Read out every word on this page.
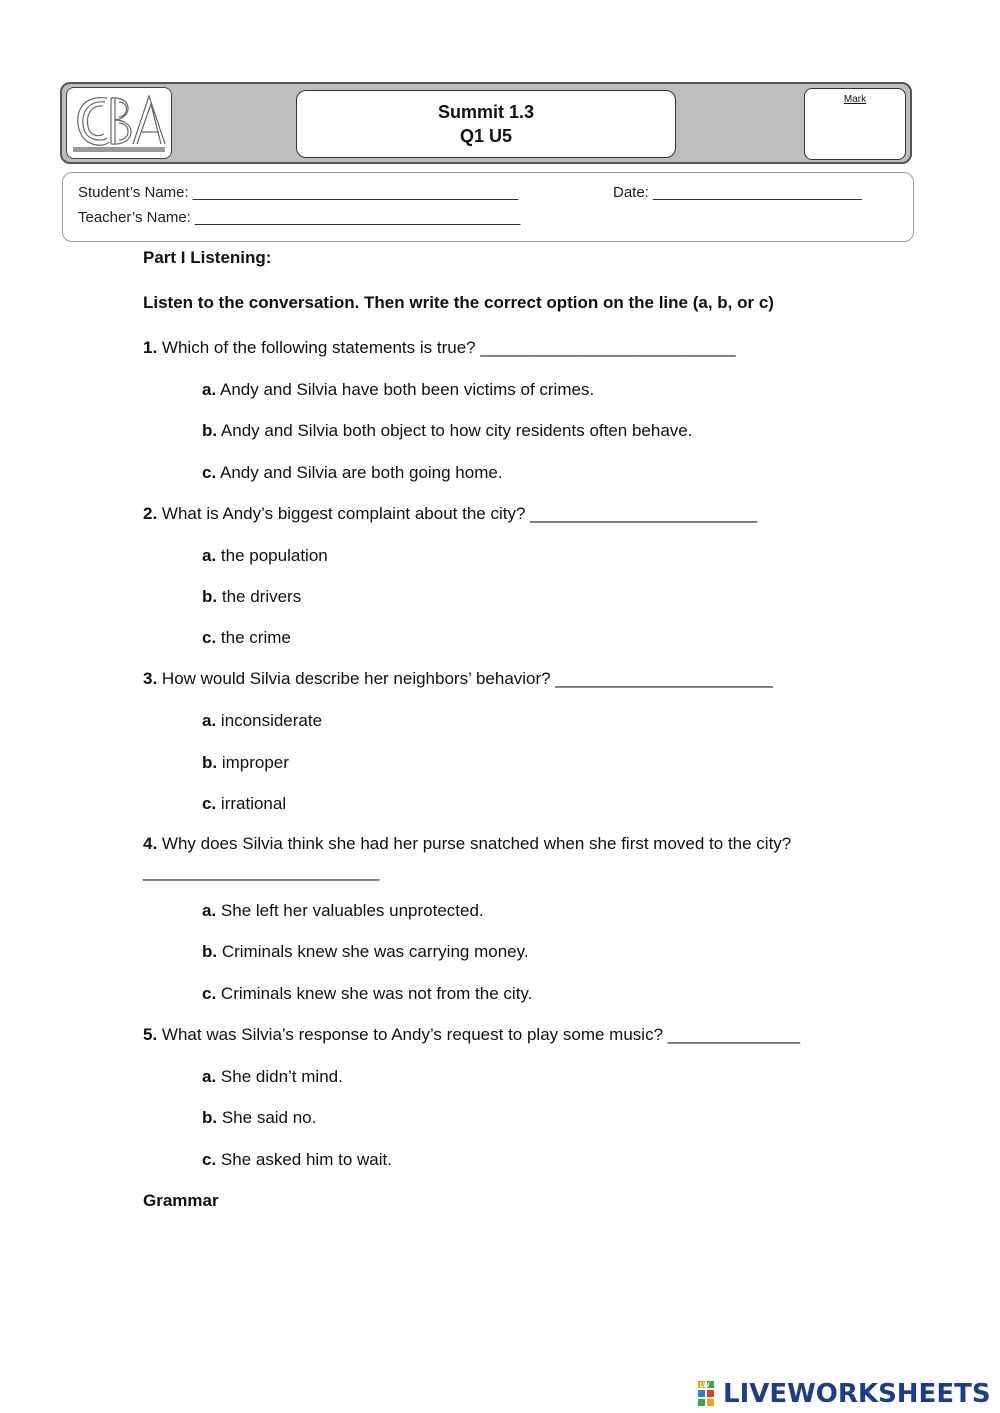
Summit 1.3
Q1 U5
Mark
Student’s Name: _______________________________________	Date: _________________________
Teacher’s Name: _______________________________________
Part I Listening:
Listen to the conversation. Then write the correct option on the line (a, b, or c)
1. Which of the following statements is true? ___________________________
a. Andy and Silvia have both been victims of crimes.
b. Andy and Silvia both object to how city residents often behave.
c. Andy and Silvia are both going home.
2. What is Andy’s biggest complaint about the city? ________________________
a. the population
b. the drivers
c. the crime
3. How would Silvia describe her neighbors’ behavior? _______________________
a. inconsiderate
b. improper
c. irrational
4. Why does Silvia think she had her purse snatched when she first moved to the city?
_________________________
a. She left her valuables unprotected.
b. Criminals knew she was carrying money.
c. Criminals knew she was not from the city.
5. What was Silvia’s response to Andy’s request to play some music? ______________
a. She didn’t mind.
b. She said no.
c. She asked him to wait.
Grammar
LW LIVEWORKSHEETS
